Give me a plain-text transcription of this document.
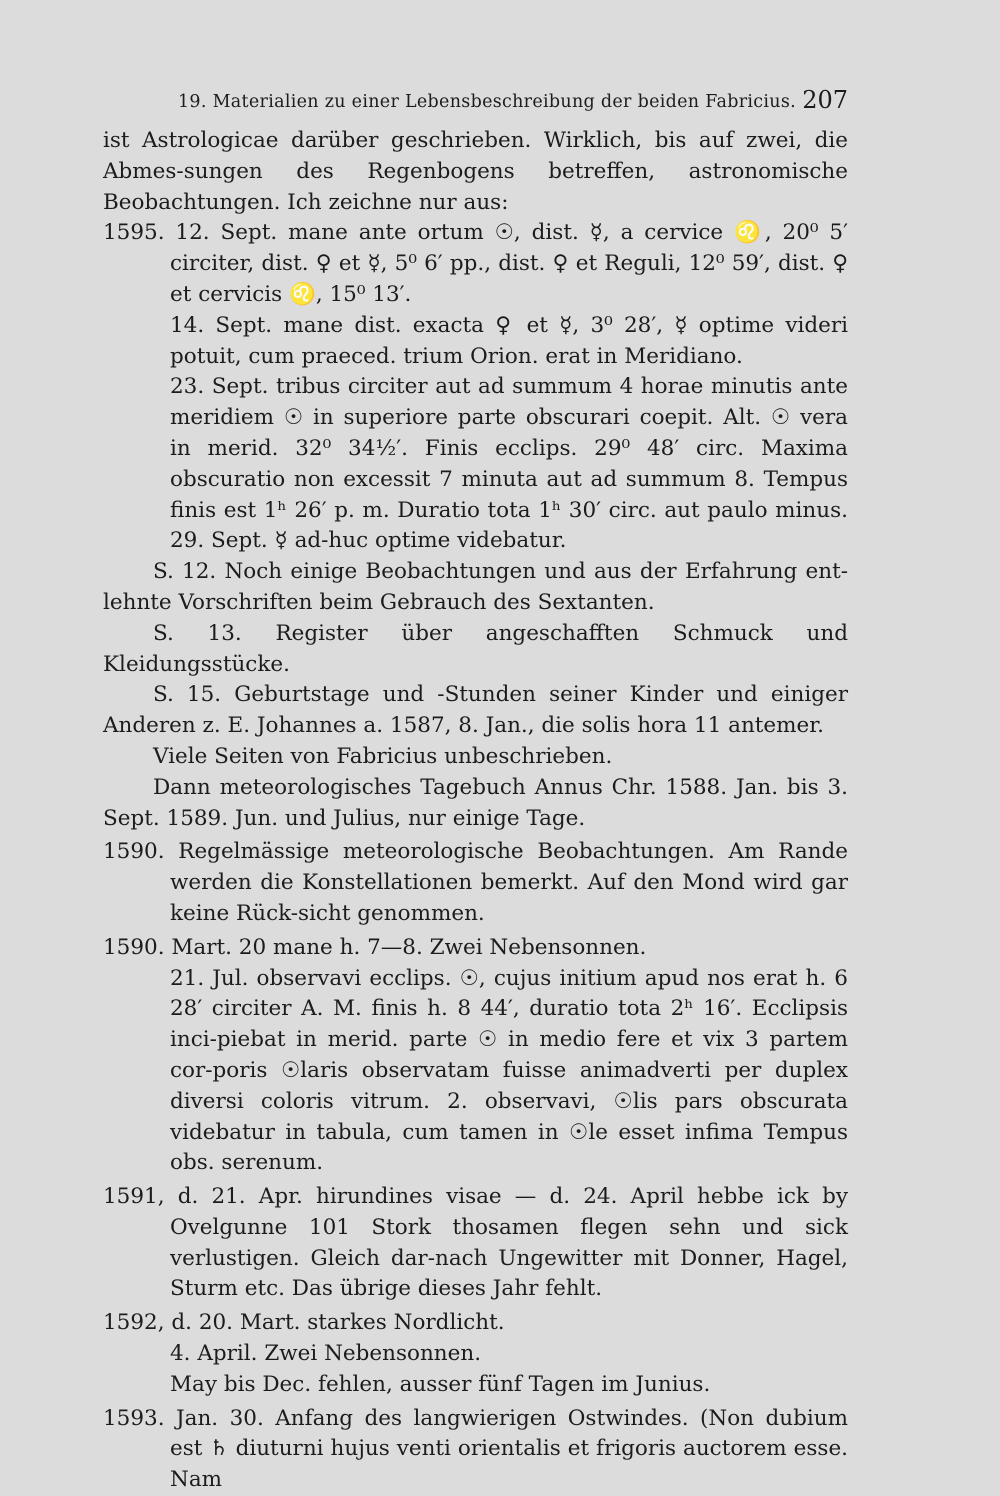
19. Materialien zu einer Lebensbeschreibung der beiden Fabricius. 207

ist Astrologicae darüber geschrieben. Wirklich, bis auf zwei, die Abmes-sungen des Regenbogens betreffen, astronomische Beobachtungen. Ich zeichne nur aus:

1595. 12. Sept. mane ante ortum ☉, dist. ☿, a cervice ♌, 20⁰ 5′ circiter, dist. ♀ et ☿, 5⁰ 6′ pp., dist. ♀ et Reguli, 12⁰ 59′, dist. ♀ et cervicis ♌, 15⁰ 13′.

14. Sept. mane dist. exacta ♀ et ☿, 3⁰ 28′, ☿ optime videri potuit, cum praeced. trium Orion. erat in Meridiano.

23. Sept. tribus circiter aut ad summum 4 horae minutis ante meridiem ☉ in superiore parte obscurari coepit. Alt. ☉ vera in merid. 32⁰ 34½′. Finis ecclips. 29⁰ 48′ circ. Maxima obscuratio non excessit 7 minuta aut ad summum 8. Tempus finis est 1ʰ 26′ p. m. Duratio tota 1ʰ 30′ circ. aut paulo minus. 29. Sept. ☿ ad-huc optime videbatur.

S. 12. Noch einige Beobachtungen und aus der Erfahrung ent-lehnte Vorschriften beim Gebrauch des Sextanten.

S. 13. Register über angeschafften Schmuck und Kleidungsstücke.

S. 15. Geburtstage und -Stunden seiner Kinder und einiger Anderen z. E. Johannes a. 1587, 8. Jan., die solis hora 11 antemer.

Viele Seiten von Fabricius unbeschrieben.

Dann meteorologisches Tagebuch Annus Chr. 1588. Jan. bis 3. Sept. 1589. Jun. und Julius, nur einige Tage.

1590. Regelmässige meteorologische Beobachtungen. Am Rande werden die Konstellationen bemerkt. Auf den Mond wird gar keine Rück-sicht genommen.

1590. Mart. 20 mane h. 7—8. Zwei Nebensonnen.

21. Jul. observavi ecclips. ☉, cujus initium apud nos erat h. 6 28′ circiter A. M. finis h. 8 44′, duratio tota 2ʰ 16′. Ecclipsis inci-piebat in merid. parte ☉ in medio fere et vix 3 partem cor-poris ☉laris observatam fuisse animadverti per duplex diversi coloris vitrum. 2. observavi, ☉lis pars obscurata videbatur in tabula, cum tamen in ☉le esset infima Tempus obs. serenum.

1591, d. 21. Apr. hirundines visae — d. 24. April hebbe ick by Ovelgunne 101 Stork thosamen flegen sehn und sick verlustigen. Gleich dar-nach Ungewitter mit Donner, Hagel, Sturm etc. Das übrige dieses Jahr fehlt.

1592, d. 20. Mart. starkes Nordlicht.

4. April. Zwei Nebensonnen.

May bis Dec. fehlen, ausser fünf Tagen im Junius.

1593. Jan. 30. Anfang des langwierigen Ostwindes. (Non dubium est ♄ diuturni hujus venti orientalis et frigoris auctorem esse. Nam
